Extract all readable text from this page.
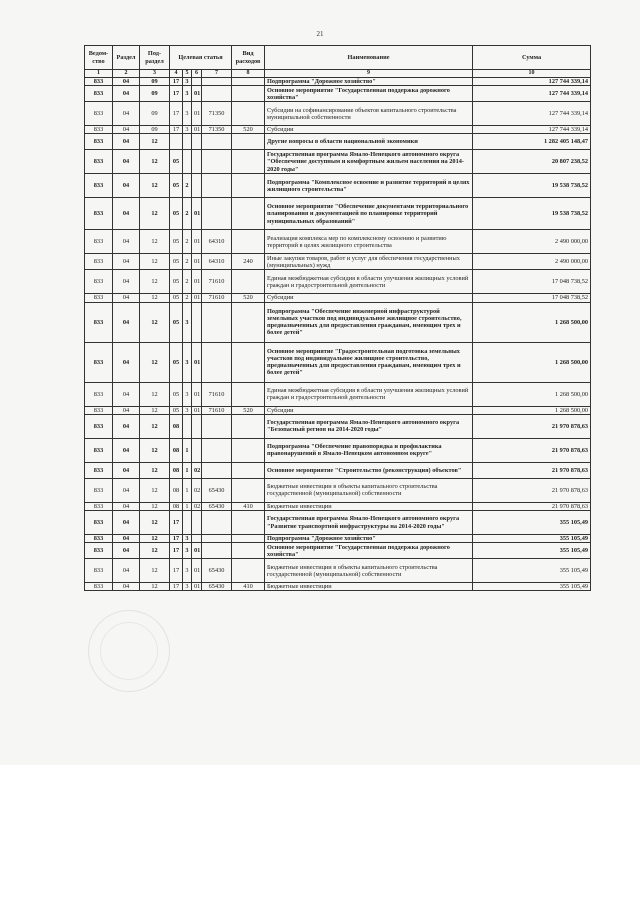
21
Ведом-ство	Раздел	Под-раздел	Целевая статья				Вид расходов	Наименование	Сумма
1	2	3	4	5	6	7	8	9	10
833	04	09	17	3				Подпрограмма "Дорожное хозяйство"	127 744 339,14
833	04	09	17	3	01			Основное мероприятие "Государственная поддержка дорожного хозяйства"	127 744 339,14
833	04	09	17	3	01	71350		Субсидии на софинансирование объектов капитального строительства муниципальной собственности	127 744 339,14
833	04	09	17	3	01	71350	520	Субсидии	127 744 339,14
833	04	12						Другие вопросы в области национальной экономики	1 282 405 148,47
833	04	12	05					Государственная программа Ямало-Ненецкого автономного округа "Обеспечение доступным и комфортным жильем населения на 2014-2020 годы"	20 807 238,52
833	04	12	05	2				Подпрограмма "Комплексное освоение и развитие территорий в целях жилищного строительства"	19 538 738,52
833	04	12	05	2	01			Основное мероприятие "Обеспечение документами территориального планирования и документацией по планировке территорий муниципальных образований"	19 538 738,52
833	04	12	05	2	01	64310		Реализация комплекса мер по комплексному освоению и развитию территорий в целях жилищного строительства	2 490 000,00
833	04	12	05	2	01	64310	240	Иные закупки товаров, работ и услуг для обеспечения государственных (муниципальных) нужд	2 490 000,00
833	04	12	05	2	01	71610		Единая межбюджетная субсидия в области улучшения жилищных условий граждан и градостроительной деятельности	17 048 738,52
833	04	12	05	2	01	71610	520	Субсидии	17 048 738,52
833	04	12	05	3				Подпрограмма "Обеспечение инженерной инфраструктурой земельных участков под индивидуальное жилищное строительство, предназначенных для предоставления гражданам, имеющим трех и более детей"	1 268 500,00
833	04	12	05	3	01			Основное мероприятие "Градостроительная подготовка земельных участков под индивидуальное жилищное строительство, предназначенных для предоставления гражданам, имеющим трех и более детей"	1 268 500,00
833	04	12	05	3	01	71610		Единая межбюджетная субсидия в области улучшения жилищных условий граждан и градостроительной деятельности	1 268 500,00
833	04	12	05	3	01	71610	520	Субсидии	1 268 500,00
833	04	12	08					Государственная программа Ямало-Ненецкого автономного округа "Безопасный регион на 2014-2020 годы"	21 970 878,63
833	04	12	08	1				Подпрограмма "Обеспечение правопорядка и профилактика правонарушений в Ямало-Ненецком автономном округе"	21 970 878,63
833	04	12	08	1	02			Основное мероприятие "Строительство (реконструкция) объектов"	21 970 878,63
833	04	12	08	1	02	65430		Бюджетные инвестиции в объекты капитального строительства государственной (муниципальной) собственности	21 970 878,63
833	04	12	08	1	02	65430	410	Бюджетные инвестиции	21 970 878,63
833	04	12	17					Государственная программа Ямало-Ненецкого автономного округа "Развитие транспортной инфраструктуры на 2014-2020 годы"	355 105,49
833	04	12	17	3				Подпрограмма "Дорожное хозяйство"	355 105,49
833	04	12	17	3	01			Основное мероприятие "Государственная поддержка дорожного хозяйства"	355 105,49
833	04	12	17	3	01	65430		Бюджетные инвестиции в объекты капитального строительства государственной (муниципальной) собственности	355 105,49
833	04	12	17	3	01	65430	410	Бюджетные инвестиции	355 105,49
